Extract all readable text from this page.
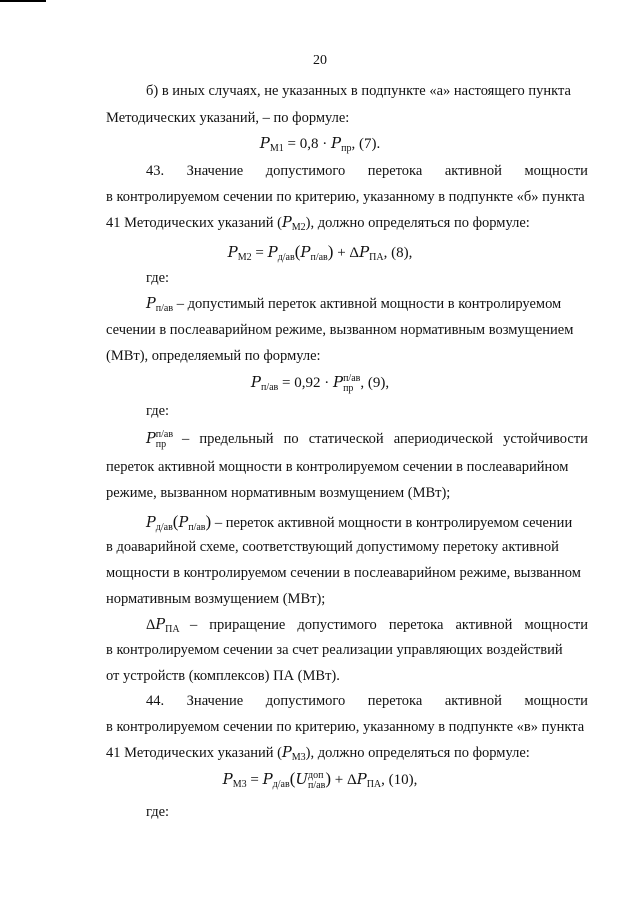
20
б) в иных случаях, не указанных в подпункте «а» настоящего пункта
Методических указаний, – по формуле:
$P_{М1} = 0,8 \cdot P_{пр}$, (7).
43. Значение допустимого перетока активной мощности
в контролируемом сечении по критерию, указанному в подпункте «б» пункта
41 Методических указаний $(P_{М2})$, должно определяться по формуле:
$P_{М2} = P_{д/ав}(P_{п/ав}) + \Delta P_{ПА}$, (8),
где:
$P_{п/ав}$ – допустимый переток активной мощности в контролируемом
сечении в послеаварийном режиме, вызванном нормативным возмущением
(МВт), определяемый по формуле:
$P_{п/ав} = 0,92 \cdot P$ п/ав
пр , (9),
где:
P п/ав
пр	– предельный по статической апериодической устойчивости
переток активной мощности в контролируемом сечении в послеаварийном
режиме, вызванном нормативным возмущением (МВт);
$P_{д/ав}(P_{п/ав})$ – переток активной мощности в контролируемом сечении
в доаварийной схеме, соответствующий допустимому перетоку активной
мощности в контролируемом сечении в послеаварийном режиме, вызванном
нормативным возмущением (МВт);
$\Delta P_{ПА}$ – приращение допустимого перетока активной мощности
в контролируемом сечении за счет реализации управляющих воздействий
от устройств (комплексов) ПА (МВт).
44. Значение допустимого перетока активной мощности
в контролируемом сечении по критерию, указанному в подпункте «в» пункта
41 Методических указаний $(P_{М3})$, должно определяться по формуле:
$P_{М3} = P_{д/ав}(U$ доп
п/ав ) + $\Delta P_{ПА}$, (10),
где:
